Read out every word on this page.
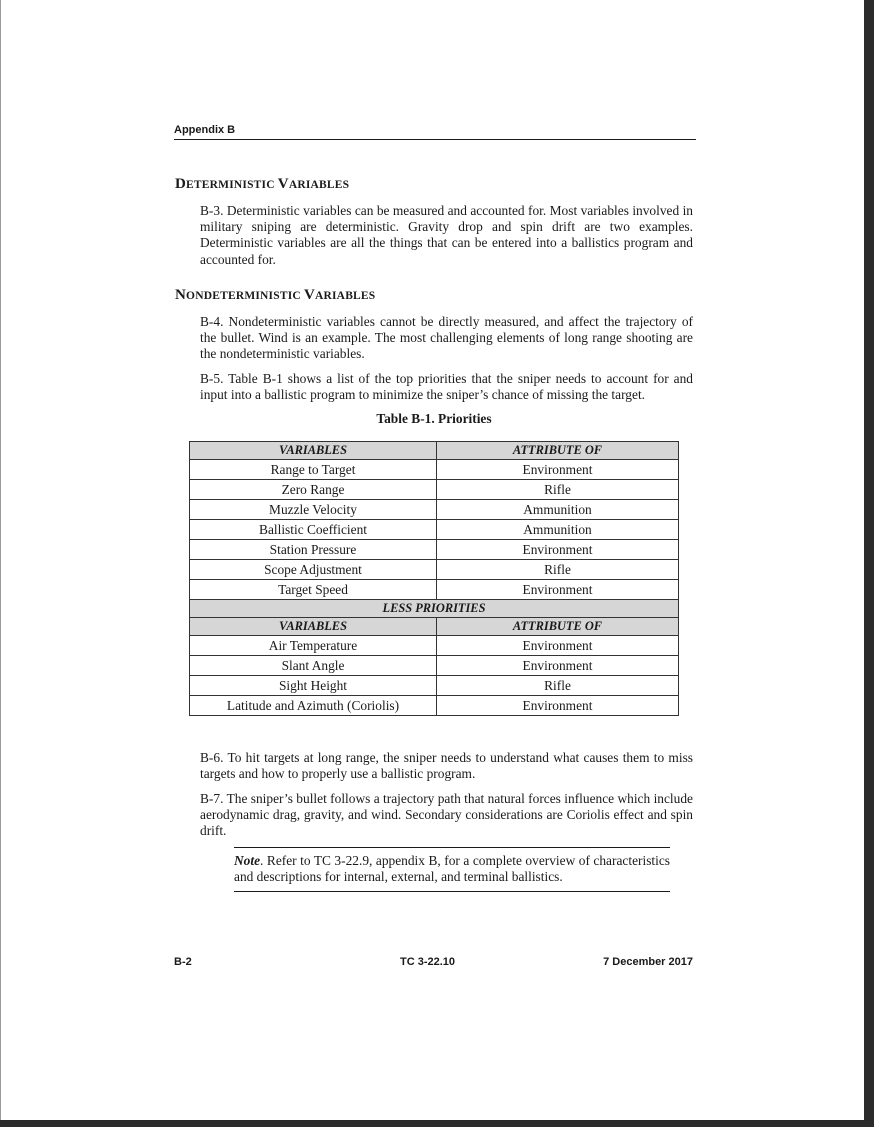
Appendix B
DETERMINISTIC VARIABLES

B-3. Deterministic variables can be measured and accounted for. Most variables involved in military sniping are deterministic. Gravity drop and spin drift are two examples. Deterministic variables are all the things that can be entered into a ballistics program and accounted for.

NONDETERMINISTIC VARIABLES

B-4. Nondeterministic variables cannot be directly measured, and affect the trajectory of the bullet. Wind is an example. The most challenging elements of long range shooting are the nondeterministic variables.

B-5. Table B-1 shows a list of the top priorities that the sniper needs to account for and input into a ballistic program to minimize the sniper’s chance of missing the target.

Table B-1. Priorities
VARIABLES	ATTRIBUTE OF
Range to Target	Environment
Zero Range	Rifle
Muzzle Velocity	Ammunition
Ballistic Coefficient	Ammunition
Station Pressure	Environment
Scope Adjustment	Rifle
Target Speed	Environment
LESS PRIORITIES	
VARIABLES	ATTRIBUTE OF
Air Temperature	Environment
Slant Angle	Environment
Sight Height	Rifle
Latitude and Azimuth (Coriolis)	Environment

B-6. To hit targets at long range, the sniper needs to understand what causes them to miss targets and how to properly use a ballistic program.

B-7. The sniper’s bullet follows a trajectory path that natural forces influence which include aerodynamic drag, gravity, and wind. Secondary considerations are Coriolis effect and spin drift.

Note. Refer to TC 3-22.9, appendix B, for a complete overview of characteristics and descriptions for internal, external, and terminal ballistics.
B-2	TC 3-22.10	7 December 2017
